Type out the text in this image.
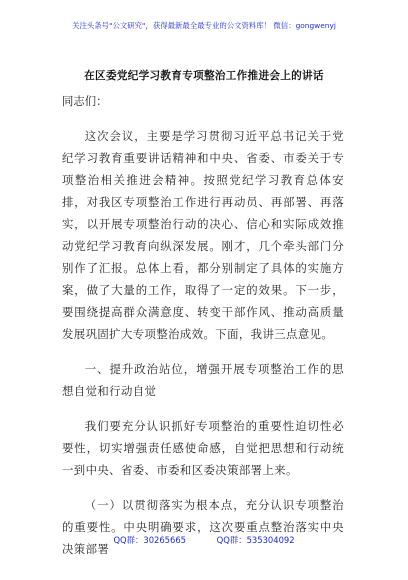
关注头条号"公文研究"，获得最新最全最专业的公文资料库！ 微信：gongwenyj
在区委党纪学习教育专项整治工作推进会上的讲话

同志们：

这次会议，主要是学习贯彻习近平总书记关于党纪学习教育重要讲话精神和中央、省委、市委关于专项整治相关推进会精神。按照党纪学习教育总体安排，对我区专项整治工作进行再动员、再部署、再落实，以开展专项整治行动的决心、信心和实际成效推动党纪学习教育向纵深发展。刚才，几个牵头部门分别作了汇报。总体上看，都分别制定了具体的实施方案，做了大量的工作，取得了一定的效果。下一步，要围绕提高群众满意度、转变干部作风、推动高质量发展巩固扩大专项整治成效。下面，我讲三点意见。

一、提升政治站位，增强开展专项整治工作的思想自觉和行动自觉

我们要充分认识抓好专项整治的重要性迫切性必要性，切实增强责任感使命感，自觉把思想和行动统一到中央、省委、市委和区委决策部署上来。

（一）以贯彻落实为根本点，充分认识专项整治的重要性。中央明确要求，这次要重点整治落实中央决策部署

QQ群：30265665	QQ群：535304092
